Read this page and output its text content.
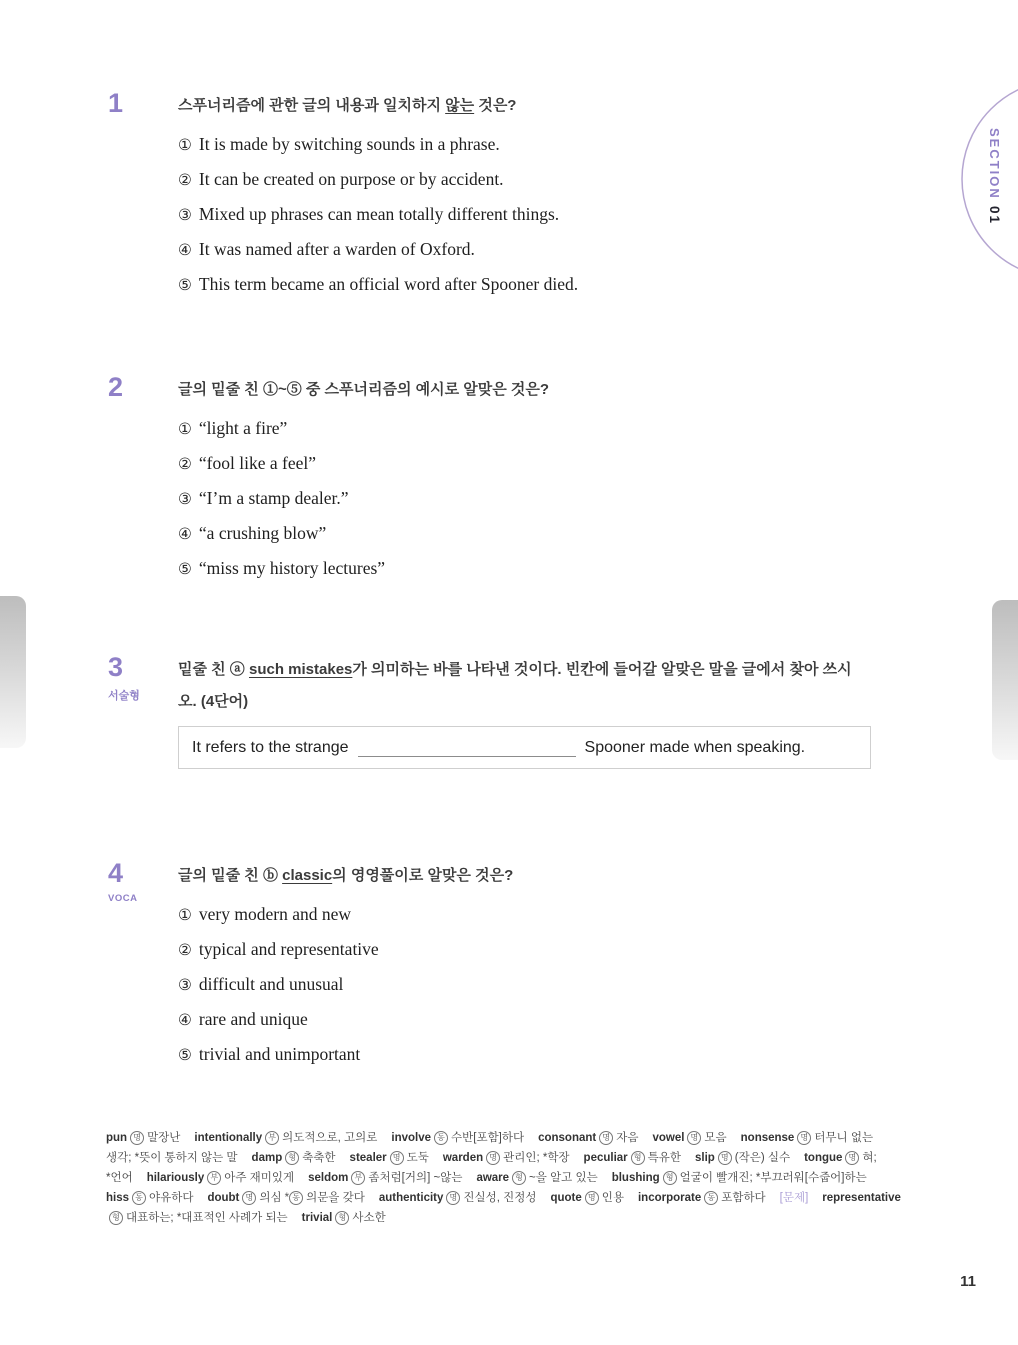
SECTION01
1	스푸너리즘에 관한 글의 내용과 일치하지 않는 것은?
① It is made by switching sounds in a phrase.
② It can be created on purpose or by accident.
③ Mixed up phrases can mean totally different things.
④ It was named after a warden of Oxford.
⑤ This term became an official word after Spooner died.
2	글의 밑줄 친 ①~⑤ 중 스푸너리즘의 예시로 알맞은 것은?
① “light a fire”
② “fool like a feel”
③ “I’m a stamp dealer.”
④ “a crushing blow”
⑤ “miss my history lectures”
3
서술형
밑줄 친 ⓐ such mistakes가 의미하는 바를 나타낸 것이다. 빈칸에 들어갈 알맞은 말을 글에서 찾아 쓰시
오. (4단어)
It refers to the strange	Spooner made when speaking.
4
VOCA
글의 밑줄 친 ⓑ classic의 영영풀이로 알맞은 것은?
① very modern and new
② typical and representative
③ difficult and unusual
④ rare and unique
⑤ trivial and unimportant
pun 명 말장난 intentionally 부 의도적으로, 고의로 involve 동 수반[포함]하다 consonant 명 자음 vowel 명 모음 nonsense 명 터무니 없는
생각; *뜻이 통하지 않는 말 damp 형 축축한 stealer 명 도둑 warden 명 관리인; *학장 peculiar 형 특유한 slip 명 (작은) 실수 tongue 명 혀;
*언어 hilariously 부 아주 재미있게 seldom 부 좀처럼[거의] ~않는 aware 형 ~을 알고 있는 blushing 형 얼굴이 빨개진; *부끄러워[수줍어]하는
hiss 동 야유하다 doubt 명 의심 * 동 의문을 갖다 authenticity 명 진실성, 진정성 quote 명 인용 incorporate 동 포함하다 [문제] representative
형 대표하는; *대표적인 사례가 되는 trivial 형 사소한
11
